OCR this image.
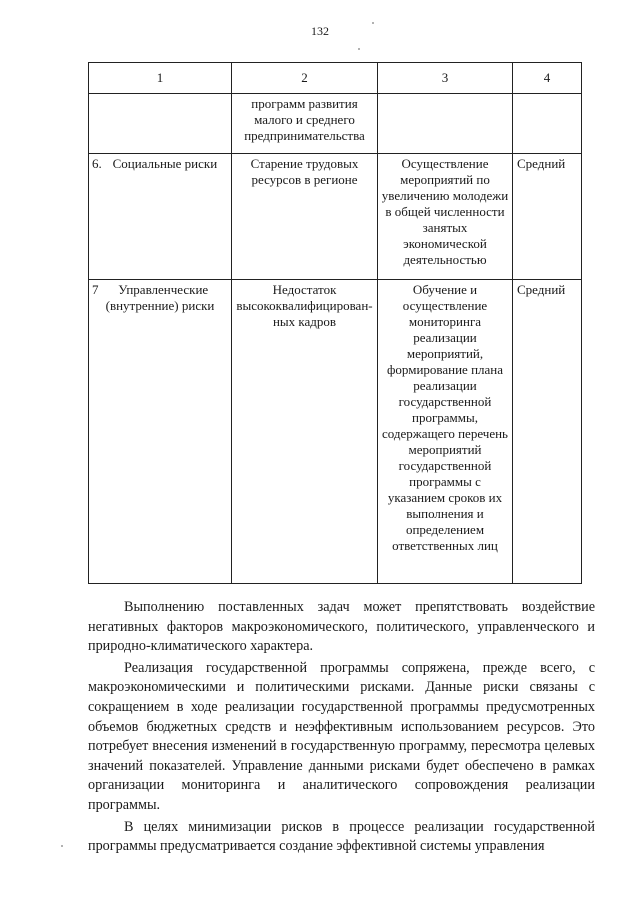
132
1	2	3	4

	программ развития малого и среднего предпринимательства		

6. Социальные риски	Старение трудовых ресурсов в регионе	Осуществление мероприятий по увеличению молодежи в общей численности занятых экономической деятельностью	Средний

7 Управленческие (внутренние) риски	Недостаток высококвалифицирован-ных кадров	Обучение и осуществление мониторинга реализации мероприятий, формирование плана реализации государственной программы, содержащего перечень мероприятий государственной программы с указанием сроков их выполнения и определением ответственных лиц	Средний

Выполнению поставленных задач может препятствовать воздействие негативных факторов макроэкономического, политического, управленческого и природно-климатического характера.

Реализация государственной программы сопряжена, прежде всего, с макроэкономическими и политическими рисками. Данные риски связаны с сокращением в ходе реализации государственной программы предусмотренных объемов бюджетных средств и неэффективным использованием ресурсов. Это потребует внесения изменений в государственную программу, пересмотра целевых значений показателей. Управление данными рисками будет обеспечено в рамках организации мониторинга и аналитического сопровождения реализации программы.

В целях минимизации рисков в процессе реализации государственной программы предусматривается создание эффективной системы управления
